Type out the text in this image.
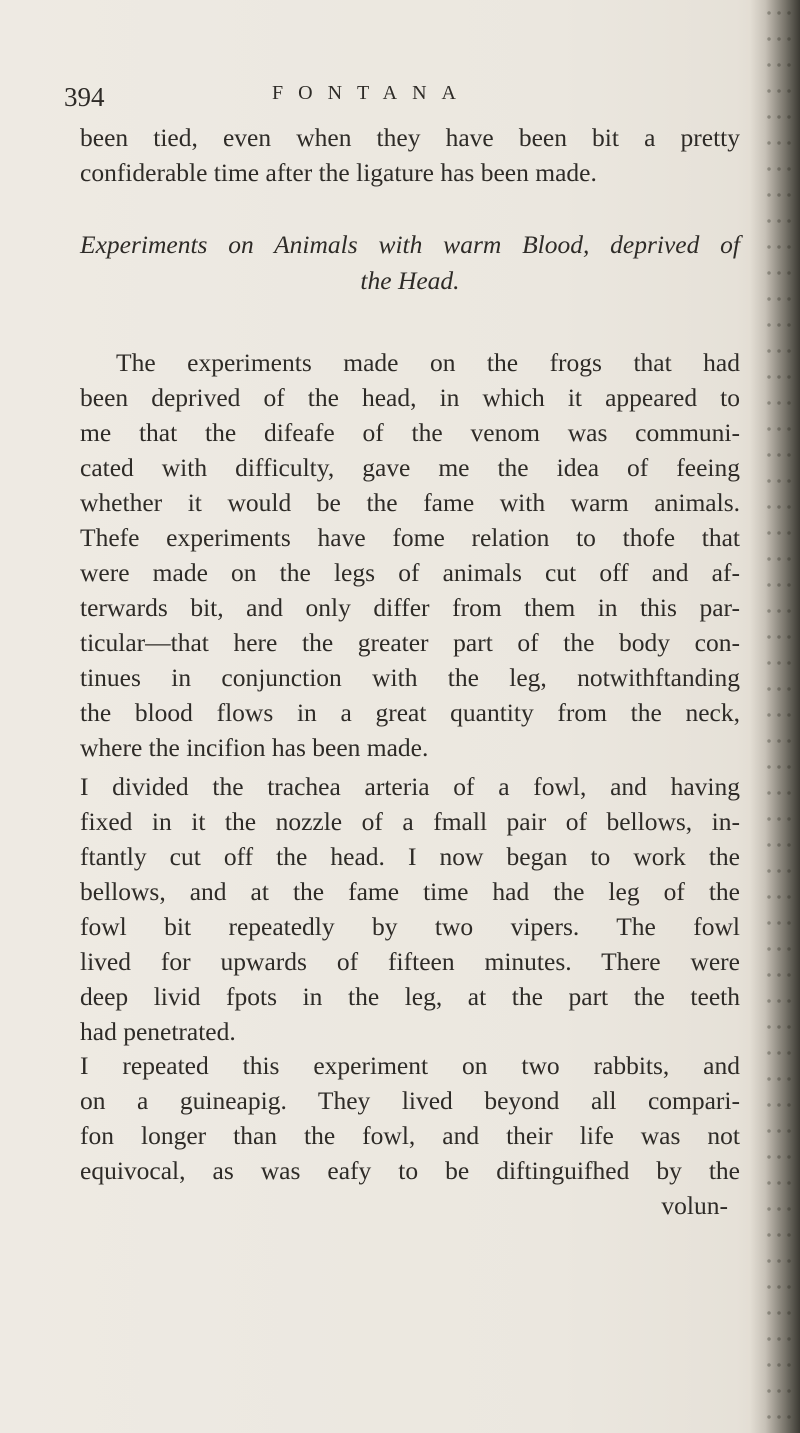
394	FONTANA
been tied, even when they have been bit a pretty
confiderable time after the ligature has been made.
Experiments on Animals with warm Blood, deprived of
the Head.
The experiments made on the frogs that had
been deprived of the head, in which it appeared to
me that the difeafe of the venom was communi-
cated with difficulty, gave me the idea of feeing
whether it would be the fame with warm animals.
Thefe experiments have fome relation to thofe that
were made on the legs of animals cut off and af-
terwards bit, and only differ from them in this par-
ticular—that here the greater part of the body con-
tinues in conjunction with the leg, notwithftanding
the blood flows in a great quantity from the neck,
where the incifion has been made.
I divided the trachea arteria of a fowl, and having
fixed in it the nozzle of a fmall pair of bellows, in-
ftantly cut off the head. I now began to work the
bellows, and at the fame time had the leg of the
fowl bit repeatedly by two vipers. The fowl
lived for upwards of fifteen minutes. There were
deep livid fpots in the leg, at the part the teeth
had penetrated.
I repeated this experiment on two rabbits, and
on a guineapig. They lived beyond all compari-
fon longer than the fowl, and their life was not
equivocal, as was eafy to be diftinguifhed by the
volun-
